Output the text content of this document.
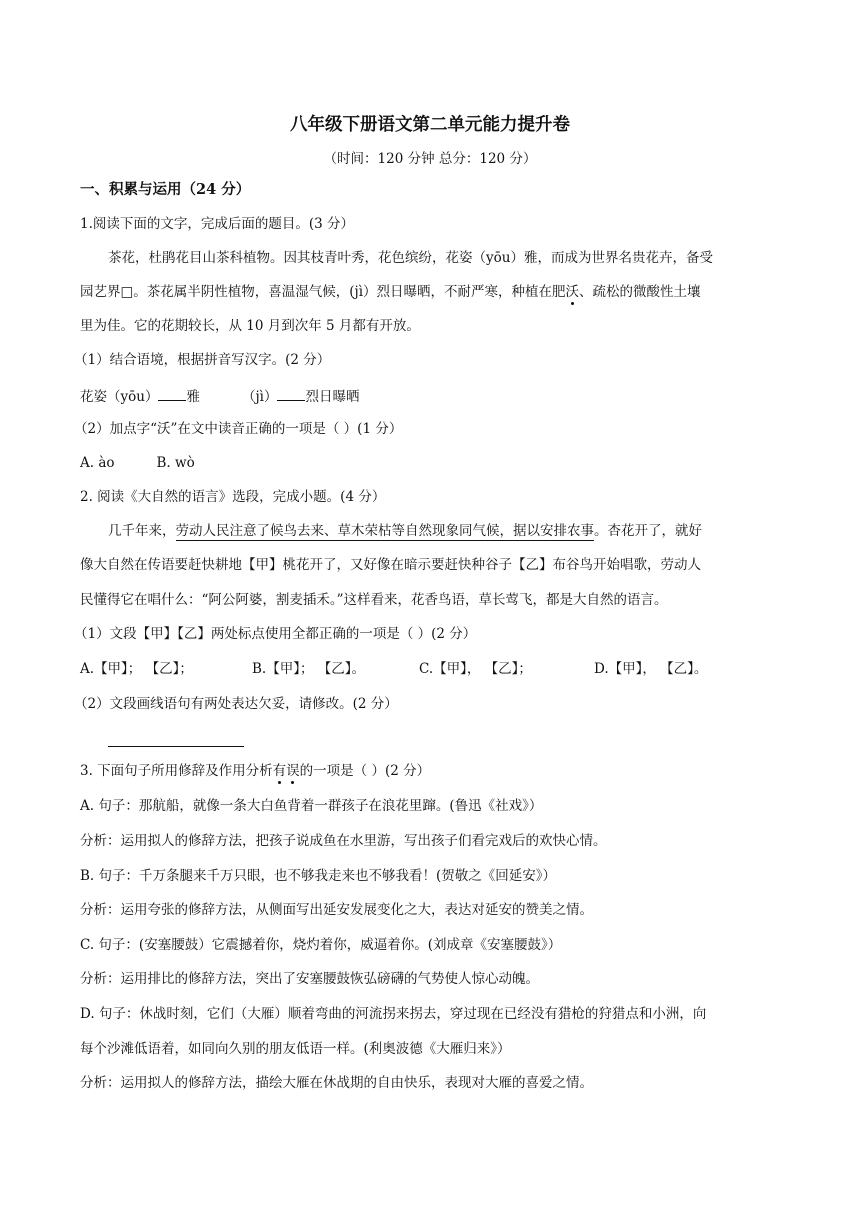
八年级下册语文第二单元能力提升卷
（时间：120 分钟 总分：120 分）
一、积累与运用（24 分）
1.阅读下面的文字，完成后面的题目。(3 分）
茶花，杜鹃花目山茶科植物。因其枝青叶秀，花色缤纷，花姿（yōu）雅，而成为世界名贵花卉，备受
园艺界□。茶花属半阴性植物，喜温湿气候，(jì）烈日曝晒，不耐严寒，种植在肥沃、疏松的微酸性土壤
里为佳。它的花期较长，从 10 月到次年 5 月都有开放。
（1）结合语境，根据拼音写汉字。(2 分）
花姿（yōu） 雅	（jì） 烈日曝晒
（2）加点字“沃”在文中读音正确的一项是（ ）(1 分）
A. ào	B. wò
2. 阅读《大自然的语言》选段，完成小题。(4 分）
几千年来，劳动人民注意了候鸟去来、草木荣枯等自然现象同气候，据以安排农事。杏花开了，就好
像大自然在传语要赶快耕地【甲】桃花开了，又好像在暗示要赶快种谷子【乙】布谷鸟开始唱歌，劳动人
民懂得它在唱什么：“阿公阿婆，割麦插禾。”这样看来，花香鸟语，草长莺飞，都是大自然的语言。
（1）文段【甲】【乙】两处标点使用全都正确的一项是（ ）(2 分）
A.【甲】； 【乙】；	B.【甲】； 【乙】。	C.【甲】， 【乙】；	D.【甲】， 【乙】。
（2）文段画线语句有两处表达欠妥，请修改。(2 分）
3. 下面句子所用修辞及作用分析有误的一项是（ ）(2 分）
A. 句子：那航船，就像一条大白鱼背着一群孩子在浪花里蹿。(鲁迅《社戏》）
分析：运用拟人的修辞方法，把孩子说成鱼在水里游，写出孩子们看完戏后的欢快心情。
B. 句子：千万条腿来千万只眼，也不够我走来也不够我看！(贺敬之《回延安》）
分析：运用夸张的修辞方法，从侧面写出延安发展变化之大，表达对延安的赞美之情。
C. 句子：(安塞腰鼓）它震撼着你，烧灼着你，威逼着你。(刘成章《安塞腰鼓》）
分析：运用排比的修辞方法，突出了安塞腰鼓恢弘磅礴的气势使人惊心动魄。
D. 句子：休战时刻，它们（大雁）顺着弯曲的河流拐来拐去，穿过现在已经没有猎枪的狩猎点和小洲，向
每个沙滩低语着，如同向久别的朋友低语一样。(利奥波德《大雁归来》）
分析：运用拟人的修辞方法，描绘大雁在休战期的自由快乐，表现对大雁的喜爱之情。
